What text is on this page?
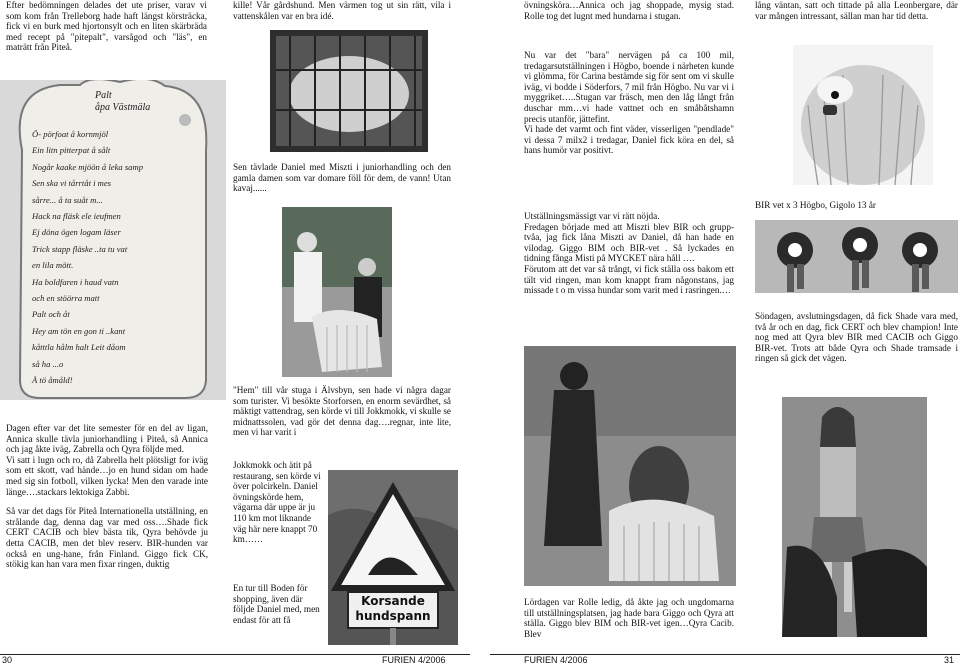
Efter bedömningen delades det ute priser, varav vi som kom från Trelleborg hade haft längst körsträcka, fick vi en burk med hjortonsylt och en liten skärbräda med recept på "pitepalt", varsågod och "läs", en maträtt från Piteå.

Palt
åpa Västmäla
Ö- pörfoat å kornmjöl
Ein litn pitterpat å sålt
Nogår kaake mjöön å leka samp
Sen ska vi tårrtåt i mes
sårre... å ta suåt m...
Hack na fläsk ele ieufmen
Ej döna ögen logam läser
Trick stapp fläske ..ta tu vat
en lila mött.
Ha boldfaren i haud vatn
och en stöörra matt
Palt och åt
Hey am tön en gon ti ..kant
kåtttla hålm halt Leit dåom
så ha ...o
Å tö åmåld!

Dagen efter var det lite semester för en del av ligan, Annica skulle tävla juniorhandling i Piteå, så Annica och jag åkte iväg, Zabrella och Qyra följde med.
Vi satt i lugn och ro, då Zabrella helt plötsligt for iväg som ett skott, vad hände…jo en hund sidan om hade med sig sin fotboll, vilken lycka! Men den varade inte länge….stackars lektokiga Zabbi.

Så var det dags för Piteå Internationella utställning, en strålande dag, denna dag var med oss….Shade fick CERT CACIB och blev bästa tik, Qyra behövde ju detta CACIB, men det blev reserv. BIR-hunden var också en ung-hane, från Finland. Giggo fick CK, stökig kan han vara men fixar ringen, duktig

kille! Vår gårdshund. Men värmen tog ut sin rätt, vila i vattenskålen var en bra idé.

Sen tävlade Daniel med Miszti i juniorhandling och den gamla damen som var domare föll för dem, de vann! Utan kavaj......

"Hem" till vår stuga i Älvsbyn, sen hade vi några dagar som turister. Vi besökte Storforsen, en enorm sevärdhet, så mäktigt vattendrag, sen körde vi till Jokkmokk, vi skulle se midnattssolen, vad gör det denna dag….regnar, inte lite, men vi har varit i

Jokkmokk och ätit på restaurang, sen körde vi över polcirkeln. Daniel övningskörde hem, vägarna där uppe är ju 110 km mot liknande väg här nere knappt 70 km……

En tur till Boden för shopping, även där följde Daniel med, men endast för att få

Korsande
hundspann
30	FURIEN 4/2006

övningsköra…Annica och jag shoppade, mysig stad. Rolle tog det lugnt med hundarna i stugan.

Nu var det "bara" nervägen på ca 100 mil, tredagarsutställningen i Högbo, boende i närheten kunde vi glömma, för Carina bestämde sig för sent om vi skulle iväg, vi bodde i Söderfors, 7 mil från Högbo. Nu var vi i myggriket…..Stugan var fräsch, men den låg långt från duschar mm…vi hade vattnet och en småbåtshamn precis utanför, jättefint.
Vi hade det varmt och fint väder, visserligen "pendlade" vi dessa 7 milx2 i tredagar, Daniel fick köra en del, så hans humör var positivt.

Utställningsmässigt var vi rätt nöjda.
Fredagen började med att Miszti blev BIR och grupp-tvåa, jag fick låna Miszti av Daniel, då han hade en vilodag. Giggo BIM och BIR-vet . Så lyckades en tidning fånga Misti på MYCKET nära håll ….
Förutom att det var så trångt, vi fick ställa oss bakom ett tält vid ringen, man kom knappt fram någonstans, jag missade t o m vissa hundar som varit med i rasringen.…

Lördagen var Rolle ledig, då åkte jag och ungdomarna till utställningsplatsen, jag hade bara Giggo och Qyra att ställa. Giggo blev BIM och BIR-vet igen…Qyra Cacib. Blev

lång väntan, satt och tittade på alla Leonbergare, där var mången intressant, sällan man har tid detta.

BIR vet x 3 Högbo, Gigolo 13 år

Söndagen, avslutningsdagen, då fick Shade vara med, två år och en dag, fick CERT och blev champion! Inte nog med att Qyra blev BIR med CACIB och Giggo BIR-vet. Trots att både Qyra och Shade tramsade i ringen så gick det vägen.

FURIEN 4/2006	31
